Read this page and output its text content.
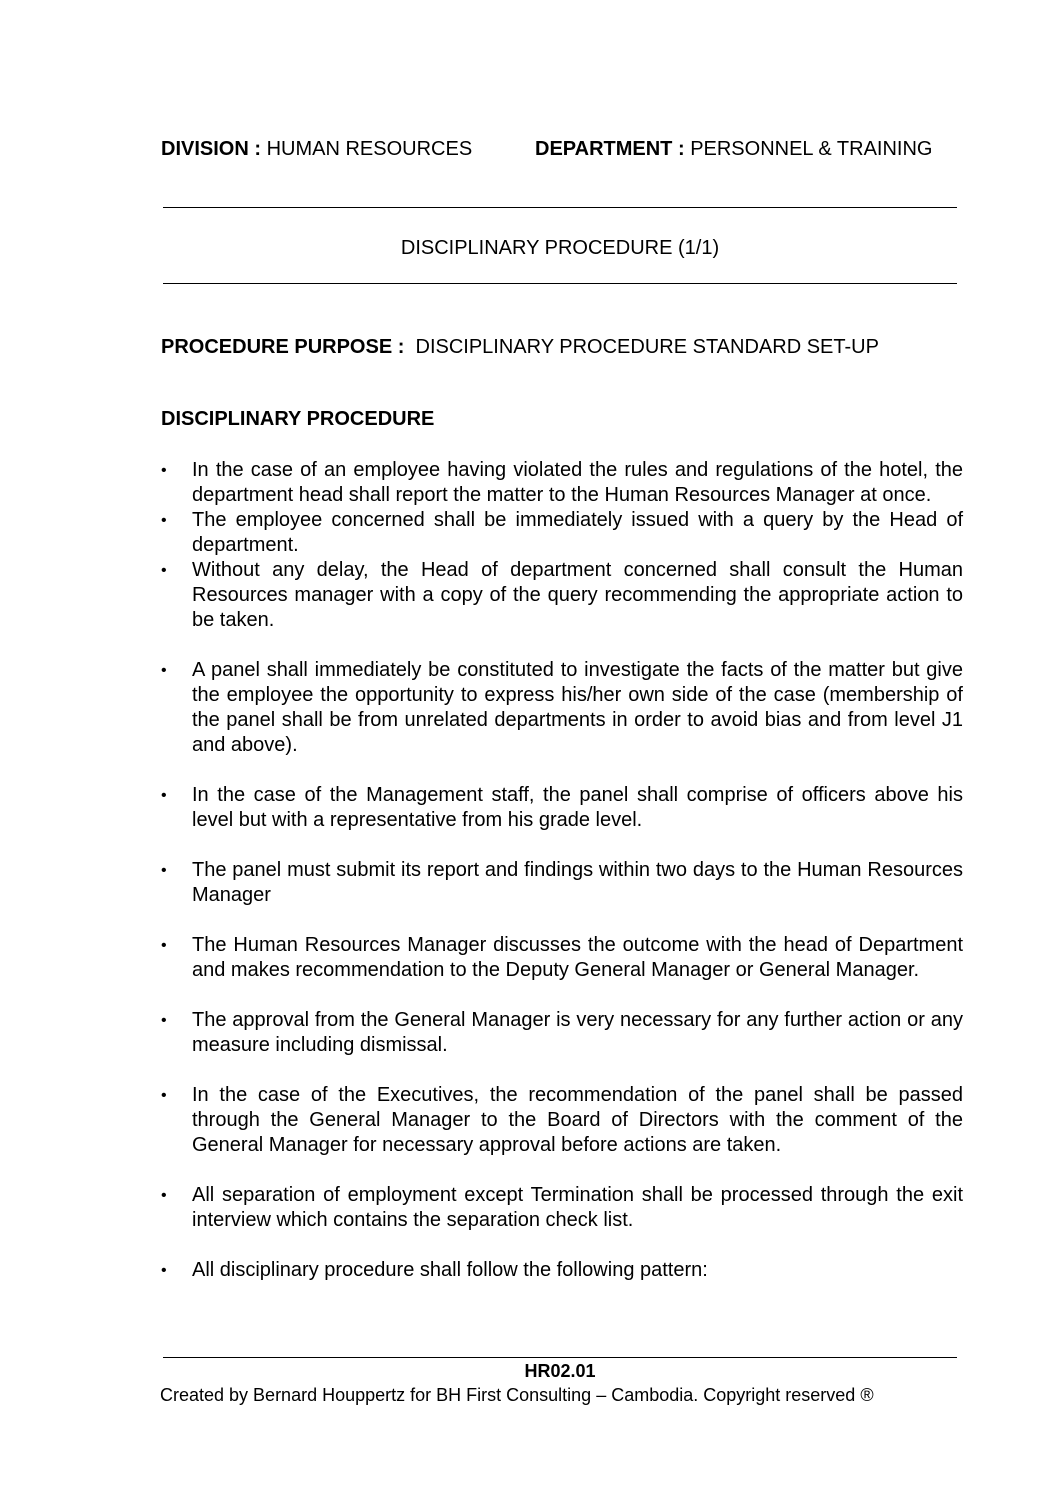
DIVISION : HUMAN RESOURCES	DEPARTMENT : PERSONNEL & TRAINING
DISCIPLINARY PROCEDURE (1/1)
PROCEDURE PURPOSE : DISCIPLINARY PROCEDURE STANDARD SET-UP
DISCIPLINARY PROCEDURE
• In the case of an employee having violated the rules and regulations of the hotel, the department head shall report the matter to the Human Resources Manager at once.
• The employee concerned shall be immediately issued with a query by the Head of department.
• Without any delay, the Head of department concerned shall consult the Human Resources manager with a copy of the query recommending the appropriate action to be taken.
• A panel shall immediately be constituted to investigate the facts of the matter but give the employee the opportunity to express his/her own side of the case (membership of the panel shall be from unrelated departments in order to avoid bias and from level J1 and above).
• In the case of the Management staff, the panel shall comprise of officers above his level but with a representative from his grade level.
• The panel must submit its report and findings within two days to the Human Resources Manager
• The Human Resources Manager discusses the outcome with the head of Department and makes recommendation to the Deputy General Manager or General Manager.
• The approval from the General Manager is very necessary for any further action or any measure including dismissal.
• In the case of the Executives, the recommendation of the panel shall be passed through the General Manager to the Board of Directors with the comment of the General Manager for necessary approval before actions are taken.
• All separation of employment except Termination shall be processed through the exit interview which contains the separation check list.
• All disciplinary procedure shall follow the following pattern:
HR02.01
Created by Bernard Houppertz for BH First Consulting – Cambodia. Copyright reserved ®
